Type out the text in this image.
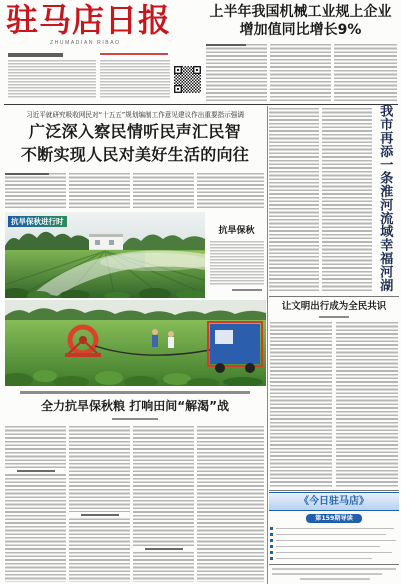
驻马店日报
ZHUMADIAN RIBAO
上半年我国机械工业规上企业
增加值同比增长9%
习近平就研究吸收网民对“十五五”规划编制工作意见建议作出重要指示强调
广泛深入察民情听民声汇民智
不断实现人民对美好生活的向往
抗旱保秋进行时
抗旱保秋
全力抗旱保秋粮 打响田间“解渴”战
我市再添一条淮河流域幸福河湖
让文明出行成为全民共识
《今日驻马店》
第159期导读
